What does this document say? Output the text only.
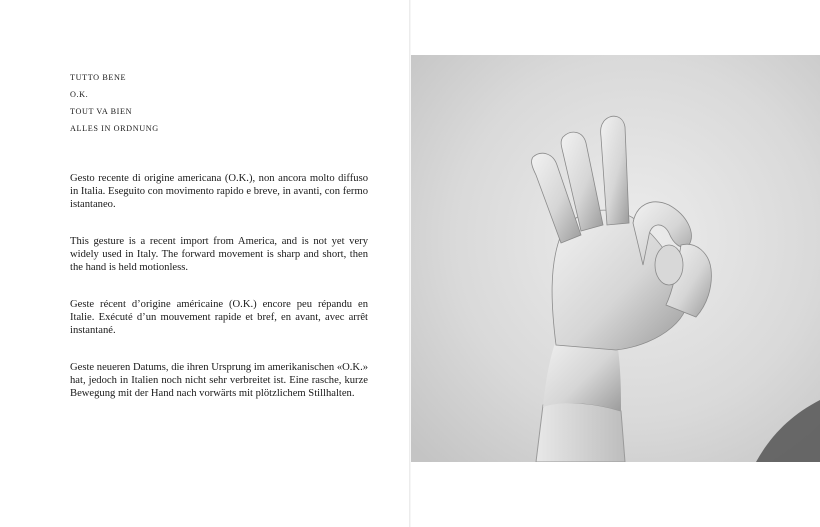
TUTTO BENE
O.K.
TOUT VA BIEN
ALLES IN ORDNUNG
Gesto recente di origine americana (O.K.), non ancora molto diffuso in Italia. Eseguito con movimento rapido e breve, in avanti, con fermo istantaneo.
This gesture is a recent import from America, and is not yet very widely used in Italy. The forward movement is sharp and short, then the hand is held motionless.
Geste récent d’origine américaine (O.K.) encore peu répandu en Italie. Exécuté d’un mouvement rapide et bref, en avant, avec arrêt instantané.
Geste neueren Datums, die ihren Ursprung im amerikanischen «O.K.» hat, jedoch in Italien noch nicht sehr verbreitet ist. Eine rasche, kurze Bewegung mit der Hand nach vorwärts mit plötzlichem Stillhalten.
